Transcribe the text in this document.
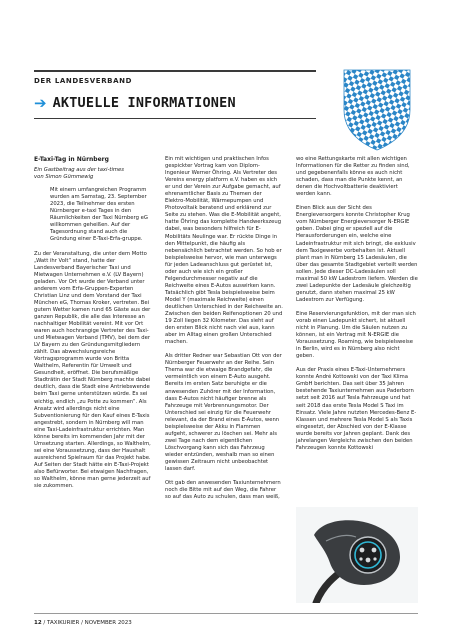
DER LANDESVERBAND
➔ AKTUELLE INFORMATIONEN

E-Taxi-Tag in Nürnberg

Ein Gastbeitrag aus der taxi-times
von Simon Gümmewig

Mit einem umfangreichen Programm wurden am Samstag, 23. September 2023, die Teilnehmer des ersten Nürnberger e-taxi Tages in den Räumlichkeiten der Taxi Nürnberg eG willkommen geheißen. Auf der Tagesordnung stand auch die Gründung einer E-Taxi-Erfa-gruppe.

Zu der Veranstaltung, die unter dem Motto „Watt ihr Volt“ stand, hatte der Landesverband Bayerischer Taxi und Mietwagen Unternehmen e.V. (LV Bayern) geladen. Vor Ort wurde der Verband unter anderem vom Erfa-Gruppen-Experten Christian Linz und dem Vorstand der Taxi München eG, Thomas Kroker, vertreten. Bei gutem Wetter kamen rund 65 Gäste aus der ganzen Republik, die alle das Interesse an nachhaltiger Mobilität vereint. Mit vor Ort waren auch hochrangige Vertreter des Taxi- und Mietwagen Verband (TMV), bei dem der LV Bayern zu den Gründungsmitgliedern zählt. Das abwechslungsreiche Vortragsprogramm wurde von Britta Walthelm, Referentin für Umwelt und Gesundheit, eröffnet. Die berufsmäßige Stadträtin der Stadt Nürnberg machte dabei deutlich, dass die Stadt eine Antriebswende beim Taxi gerne unterstützen würde. Es sei wichtig, endlich „zu Potte zu kommen“. Als Ansatz wird allerdings nicht eine Subventionierung für den Kauf eines E-Taxis angestrebt, sondern in Nürnberg will man eine Taxi-Ladeinfrastruktur errichten. Man könne bereits im kommenden Jahr mit der Umsetzung starten. Allerdings, so Walthelm, sei eine Voraussetzung, dass der Haushalt ausreichend Spielraum für das Projekt habe. Auf Seiten der Stadt hätte ein E-Taxi-Projekt also Befürworter. Bei etwaigen Nachfragen, so Walthelm, könne man gerne jederzeit auf sie zukommen.

Ein mit wichtigen und praktischen Infos gespickter Vortrag kam von Diplom-Ingenieur Werner Öhring. Als Vertreter des Vereins energy platform e.V. haben es sich er und der Verein zur Aufgabe gemacht, auf ehrenamtlicher Basis zu Themen der Elektro-Mobilität, Wärmepumpen und Photovoltaik beratend und erklärend zur Seite zu stehen. Was die E-Mobilität angeht, hatte Öhring das komplette Handwerkszeug dabei, was besonders hilfreich für E-Mobilitäts Neulinge war. Er rückte Dinge in den Mittelpunkt, die häufig als nebensächlich betrachtet werden. So hob er beispielsweise hervor, wie man unterwegs für jeden Ladeanschluss gut gerüstet ist, oder auch wie sich ein großer Felgendurchmesser negativ auf die Reichweite eines E-Autos auswirken kann. Tatsächlich gibt Tesla beispielsweise beim Model Y (maximale Reichweite) einen deutlichen Unterschied in der Reichweite an. Zwischen den beiden Reifenoptionen 20 und 19 Zoll liegen 32 Kilometer. Das sieht auf den ersten Blick nicht nach viel aus, kann aber im Alltag einen großen Unterschied machen.

Als dritter Redner war Sebastian Ott von der Nürnberger Feuerwehr an der Reihe. Sein Thema war die etwaige Brandgefahr, die vermeintlich von einem E-Auto ausgeht. Bereits im ersten Satz beruhigte er die anwesenden Zuhörer mit der Information, dass E-Autos nicht häufiger brenne als Fahrzeuge mit Verbrennungsmotor. Der Unterschied sei einzig für die Feuerwehr relevant, da der Brand eines E-Autos, wenn beispielsweise der Akku in Flammen aufgeht, schwerer zu löschen sei. Mehr als zwei Tage nach dem eigentlichen Löschvorgang kann sich das Fahrzeug wieder entzünden, weshalb man so einen gewissen Zeitraum nicht unbeobachtet lassen darf.

Ott gab den anwesenden Taxiunternehmern noch die Bitte mit auf den Weg, die Fahrer so auf das Auto zu schulen, dass man weiß,

wo eine Rettungskarte mit allen wichtigen Informationen für die Retter zu finden sind, und gegebenenfalls könne es auch nicht schaden, dass man die Punkte kennt, an denen die Hochvoltbatterie deaktiviert werden kann.

Einen Blick aus der Sicht des Energieversorgers konnte Christopher Krug vom Nürnberger Energieversorger N-ERGIE geben. Dabei ging er speziell auf die Herausforderungen ein, welche eine Ladeinfrastruktur mit sich bringt, die exklusiv dem Taxigewerbe vorbehalten ist. Aktuell plant man in Nürnberg 15 Ladesäulen, die über das gesamte Stadtgebiet verteilt werden sollen. Jede dieser DC-Ladesäulen soll maximal 50 kW Ladestrom liefern. Werden die zwei Ladepunkte der Ladesäule gleichzeitig genutzt, dann stehen maximal 25 kW Ladestrom zur Verfügung.

Eine Reservierungsfunktion, mit der man sich vorab einen Ladepunkt sichert, ist aktuell nicht in Planung. Um die Säulen nutzen zu können, ist ein Vertrag mit N-ERGIE die Voraussetzung. Roaming, wie beispielsweise in Berlin, wird es in Nürnberg also nicht geben.

Aus der Praxis eines E-Taxi-Unternehmers konnte André Kottowski von der Taxi Klima GmbH berichten. Das seit über 35 Jahren bestehende Taxiunternehmen aus Paderborn setzt seit 2016 auf Tesla Fahrzeuge und hat seit 2018 das erste Tesla Model S Taxi im Einsatz. Viele Jahre nutzten Mercedes-Benz E-Klassen und mehrere Tesla Model S als Taxis eingesetzt, der Abschied von der E-Klasse wurde bereits vor Jahren geplant. Dank des jahrelangen Vergleichs zwischen den beiden Fahrzeugen konnte Kottowski

12 / TAXIKURIER / NOVEMBER 2023
